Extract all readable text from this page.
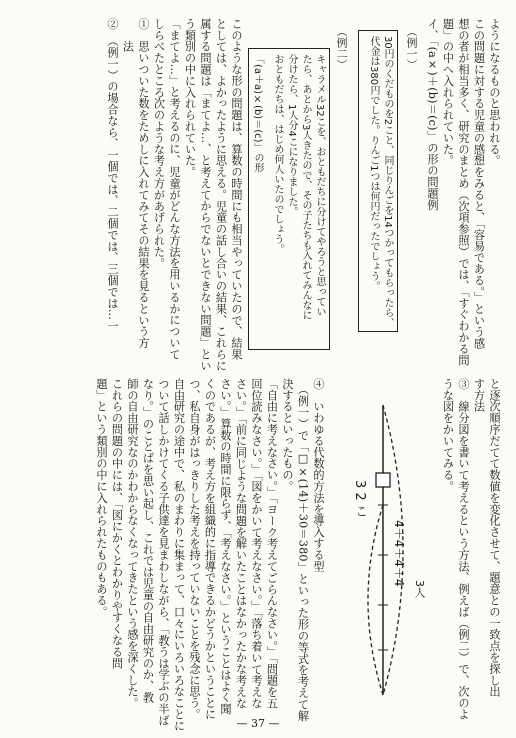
ようになるものと思われる。
この問題に対する児童の感想をみると、「容易である。」という感
想の者が相当多く、研究のまとめ（次項参照）では、「すぐわかる問
題」の中へ入れられていた。
イ、「(a×)＋(b)＝(c)」の形の問題例
（例一）
30円のくだものを2こと、同じりんごを14つかってもらったら、
代金は380円でした。りんご1つは何円だったでしょう。
（例二）
キャラメル32こを、おともだちに分けてやろうと思ってい
たら、あとから3人きたので、その子たちも入れてみんなに
分けたら、1人分4こになりました。
おともだちは、はじめ何人いたのでしょう。
「(a＋a)×(b)＝(c)」の形
このような形の問題は、算数の時間にも相当やっていたので、結果
としては、よかったように思える。児童の話し合いの結果、これらに
属する問題は「まてよ…、と考えてからでないとできない問題」とい
う類別の中に入れられていた。
「まてよ…」と考えるのに、児童がどんな方法を用いるかについて
しらべたところ次のような考え方があげられた。
①　思いついた数をためしに入れてみてその結果を見るという方
　　法
②　（例一）の場合なら、一個では、二個では、三個では…一
と逐次順序だてて数値を変化させて、題意との一致点を探し出
す方法
③　線分図を書いて考えるという方法、例えば（例二）で、次のよ
うな図をかいてみる。
3 2 こ
4＋4＋4＋4
3人
④　いわゆる代数的方法を導入する型
　（例一）で「□×(14)＋30＝380」といった形の等式を考えて解
決するといったもの。
「自由に考えなさい。」「ヨーク考えてごらんなさい。」「問題を五
回位読みなさい。」「図をかいて考えなさい。」「落ち着いて考えな
さい。」「前に同じような問題を解いたことはなかったかな考えな
さい。」算数の時間に限らず、「考えなさい。」ということはよく聞
くのであるが、考え方を組織的に指導できるかどうかということに
つ、私自身がはっきりした考えを持っていないことを残念に思う。
自由研究の途中で、私のまわりに集まって、口々にいろいろなことに
ついて話しかけてくる子供達を見まわしながら、「教うは学ぶの半ば
なり。」のことばを思い起し、これでは児童の自由研究のか、教
師の自由研究なのかわからなくなってきたという感を深くした。
これらの問題の中には、「図にかくとわかりやすくなる問
題」という類別の中に入れられたものもある。
— 37 —
